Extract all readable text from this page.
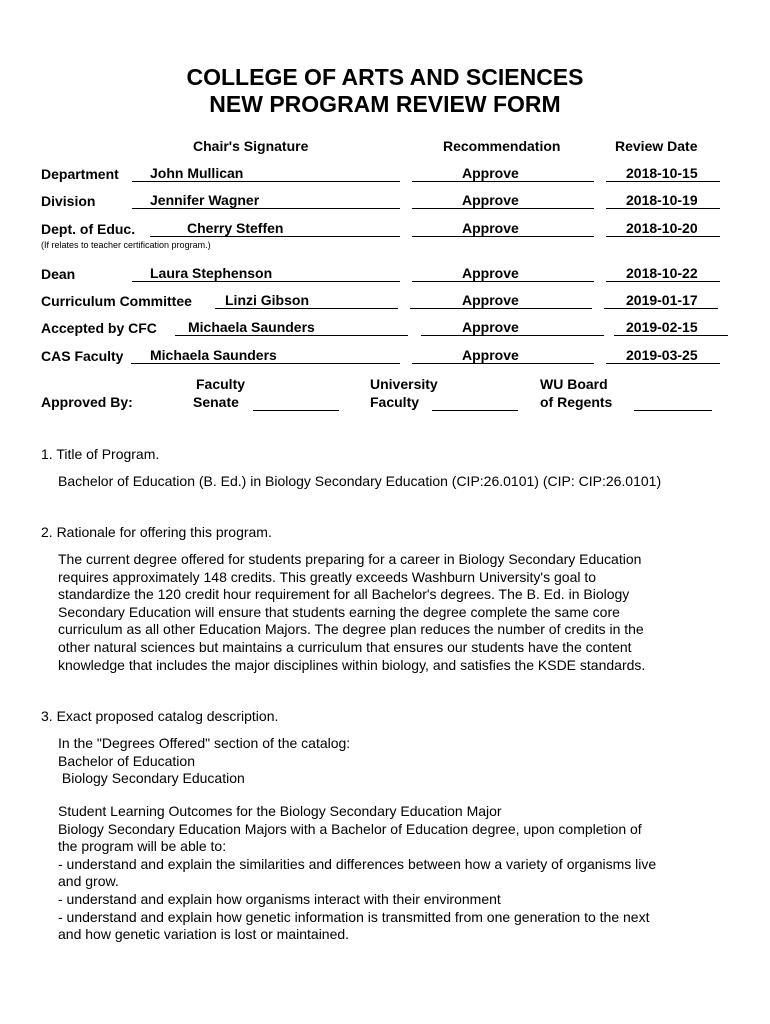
COLLEGE OF ARTS AND SCIENCES
NEW PROGRAM REVIEW FORM
Chair's Signature	Recommendation	Review Date
Department	John Mullican	Approve	2018-10-15
Division	Jennifer Wagner	Approve	2018-10-19
Dept. of Educ.	Cherry Steffen	Approve	2018-10-20
(If relates to teacher certification program.)
Dean	Laura Stephenson	Approve	2018-10-22
Curriculum Committee	Linzi Gibson	Approve	2019-01-17
Accepted by CFC	Michaela Saunders	Approve	2019-02-15
CAS Faculty	Michaela Saunders	Approve	2019-03-25
Approved By:
Faculty
Senate
University
Faculty
WU Board
of Regents
1. Title of Program.
Bachelor of Education (B. Ed.) in Biology Secondary Education (CIP:26.0101) (CIP: CIP:26.0101)
2. Rationale for offering this program.
The current degree offered for students preparing for a career in Biology Secondary Education
requires approximately 148 credits. This greatly exceeds Washburn University's goal to
standardize the 120 credit hour requirement for all Bachelor's degrees. The B. Ed. in Biology
Secondary Education will ensure that students earning the degree complete the same core
curriculum as all other Education Majors. The degree plan reduces the number of credits in the
other natural sciences but maintains a curriculum that ensures our students have the content
knowledge that includes the major disciplines within biology, and satisfies the KSDE standards.
3. Exact proposed catalog description.
In the "Degrees Offered" section of the catalog:
Bachelor of Education
Biology Secondary Education
Student Learning Outcomes for the Biology Secondary Education Major
Biology Secondary Education Majors with a Bachelor of Education degree, upon completion of
the program will be able to:
- understand and explain the similarities and differences between how a variety of organisms live
and grow.
- understand and explain how organisms interact with their environment
- understand and explain how genetic information is transmitted from one generation to the next
and how genetic variation is lost or maintained.
